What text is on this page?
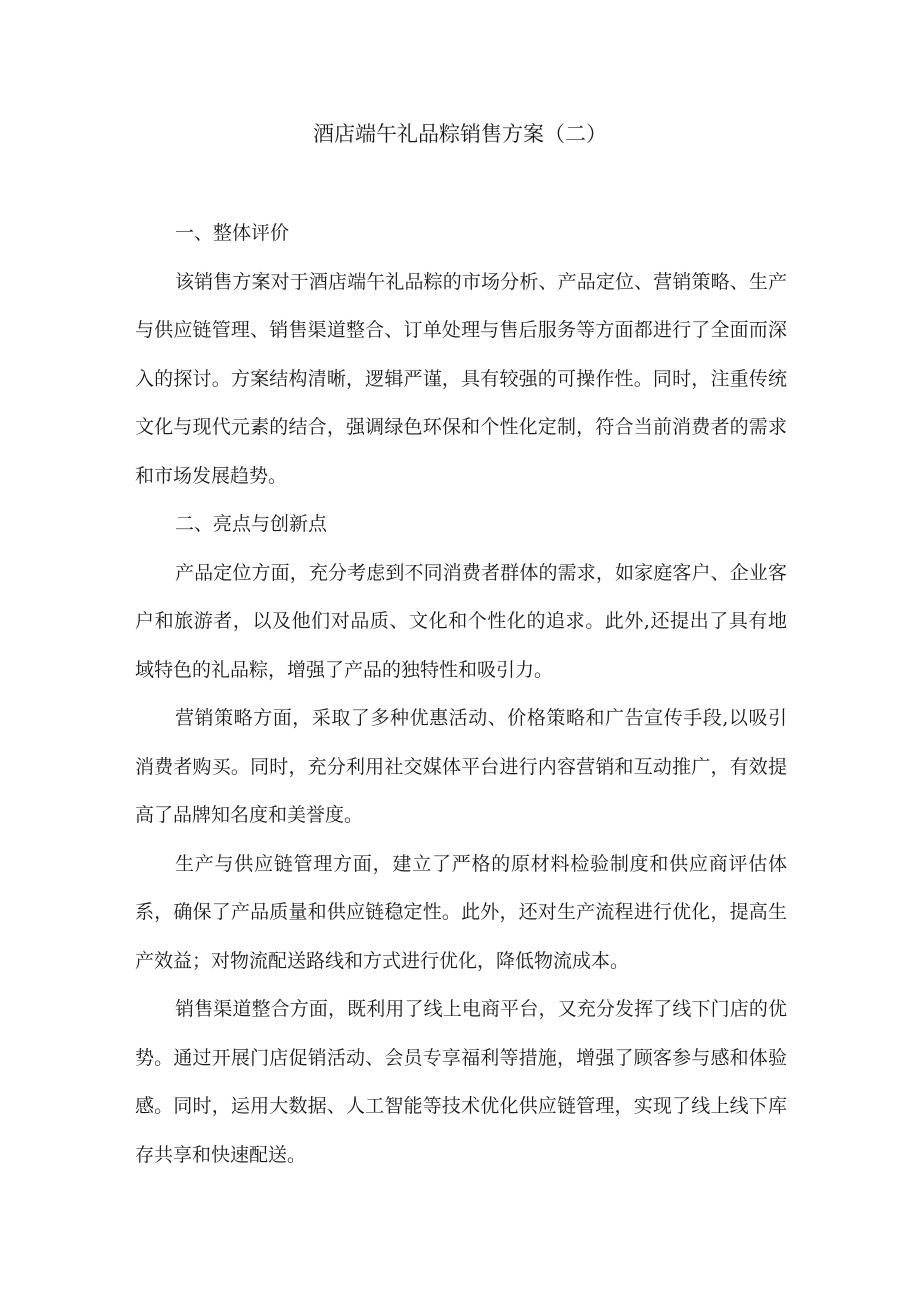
酒店端午礼品粽销售方案（二）
一、整体评价

该销售方案对于酒店端午礼品粽的市场分析、产品定位、营销策略、生产与供应链管理、销售渠道整合、订单处理与售后服务等方面都进行了全面而深入的探讨。方案结构清晰，逻辑严谨，具有较强的可操作性。同时，注重传统文化与现代元素的结合，强调绿色环保和个性化定制，符合当前消费者的需求和市场发展趋势。

二、亮点与创新点

产品定位方面，充分考虑到不同消费者群体的需求，如家庭客户、企业客户和旅游者，以及他们对品质、文化和个性化的追求。此外,还提出了具有地域特色的礼品粽，增强了产品的独特性和吸引力。

营销策略方面，采取了多种优惠活动、价格策略和广告宣传手段,以吸引消费者购买。同时，充分利用社交媒体平台进行内容营销和互动推广，有效提高了品牌知名度和美誉度。

生产与供应链管理方面，建立了严格的原材料检验制度和供应商评估体系，确保了产品质量和供应链稳定性。此外，还对生产流程进行优化，提高生产效益；对物流配送路线和方式进行优化，降低物流成本。

销售渠道整合方面，既利用了线上电商平台，又充分发挥了线下门店的优势。通过开展门店促销活动、会员专享福利等措施，增强了顾客参与感和体验感。同时，运用大数据、人工智能等技术优化供应链管理，实现了线上线下库存共享和快速配送。
